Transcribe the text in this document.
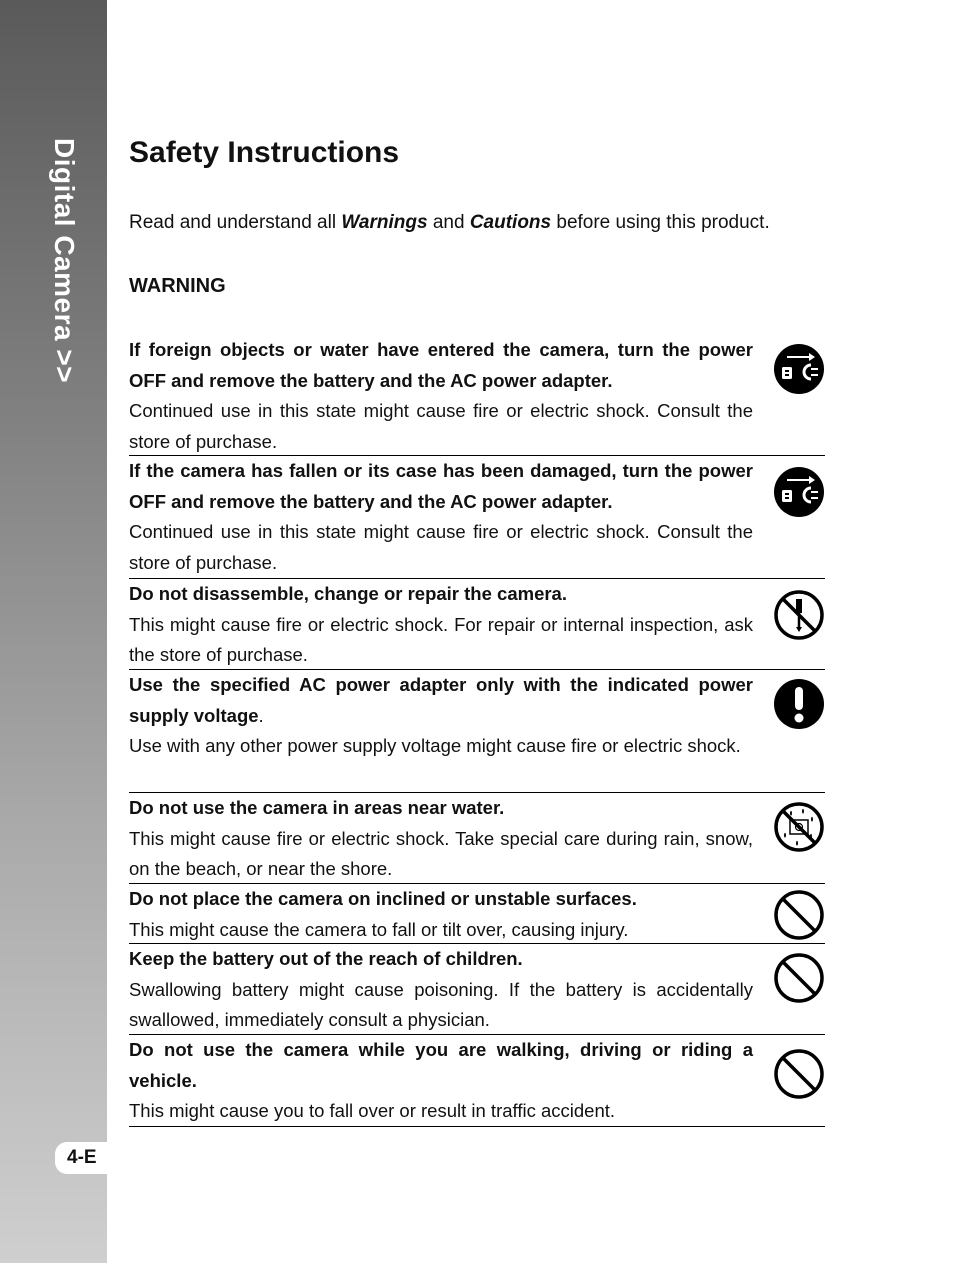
Digital Camera >>
4-E
Safety Instructions

Read and understand all Warnings and Cautions before using this product.

WARNING
If foreign objects or water have entered the camera, turn the power OFF and remove the battery and the AC power adapter.
Continued use in this state might cause fire or electric shock. Consult the store of purchase.
If the camera has fallen or its case has been damaged, turn the power OFF and remove the battery and the AC power adapter.
Continued use in this state might cause fire or electric shock. Consult the store of purchase.
Do not disassemble, change or repair the camera.
This might cause fire or electric shock. For repair or internal inspection, ask the store of purchase.
Use the specified AC power adapter only with the indicated power supply voltage.
Use with any other power supply voltage might cause fire or electric shock.
Do not use the camera in areas near water.
This might cause fire or electric shock. Take special care during rain, snow, on the beach, or near the shore.
Do not place the camera on inclined or unstable surfaces.
This might cause the camera to fall or tilt over, causing injury.
Keep the battery out of the reach of children.
Swallowing battery might cause poisoning. If the battery is accidentally swallowed, immediately consult a physician.
Do not use the camera while you are walking, driving or riding a vehicle.
This might cause you to fall over or result in traffic accident.
